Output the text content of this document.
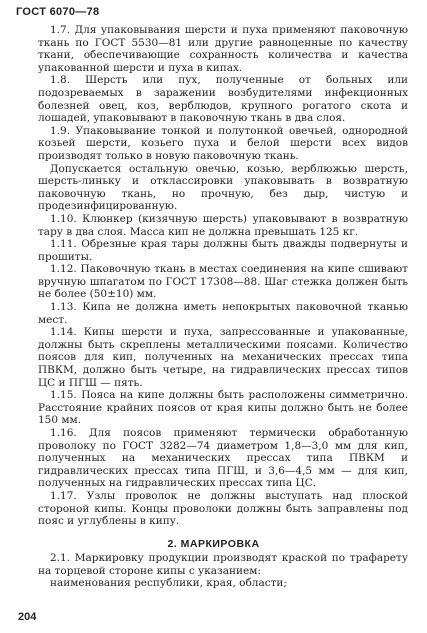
ГОСТ 6070—78

1.7. Для упаковывания шерсти и пуха применяют паковочную ткань по ГОСТ 5530—81 или другие равноценные по качеству ткани, обеспечивающие сохранность количества и качества упакованной шерсти и пуха в кипах.

1.8. Шерсть или пух, полученные от больных или подозреваемых в заражении возбудителями инфекционных болезней овец, коз, верблюдов, крупного рогатого скота и лошадей, упаковывают в паковочную ткань в два слоя.

1.9. Упаковывание тонкой и полутонкой овечьей, однородной козьей шерсти, козьего пуха и белой шерсти всех видов производят только в новую паковочную ткань.

Допускается остальную овечью, козью, верблюжью шерсть, шерсть-линьку и отклассировки упаковывать в возвратную паковочную ткань, но прочную, без дыр, чистую и продезинфицированную.

1.10. Клюнкер (кизячную шерсть) упаковывают в возвратную тару в два слоя. Масса кип не должна превышать 125 кг.

1.11. Обрезные края тары должны быть дважды подвернуты и прошиты.

1.12. Паковочную ткань в местах соединения на кипе сшивают вручную шпагатом по ГОСТ 17308—88. Шаг стежка должен быть не более (50±10) мм.

1.13. Кипа не должна иметь непокрытых паковочной тканью мест.

1.14. Кипы шерсти и пуха, запрессованные и упакованные, должны быть скреплены металлическими поясами. Количество поясов для кип, полученных на механических прессах типа ПВКМ, должно быть четыре, на гидравлических прессах типов ЦС и ПГШ — пять.

1.15. Пояса на кипе должны быть расположены симметрично. Расстояние крайних поясов от края кипы должно быть не более 150 мм.

1.16. Для поясов применяют термически обработанную проволоку по ГОСТ 3282—74 диаметром 1,8—3,0 мм для кип, полученных на механических прессах типа ПВКМ и гидравлических прессах типа ПГШ, и 3,6—4,5 мм — для кип, полученных на гидравлических прессах типа ЦС.

1.17. Узлы проволок не должны выступать над плоской стороной кипы. Концы проволоки должны быть заправлены под пояс и углублены в кипу.

2. МАРКИРОВКА

2.1. Маркировку продукции производят краской по трафарету на торцевой стороне кипы с указанием:

наименования республики, края, области;

204
